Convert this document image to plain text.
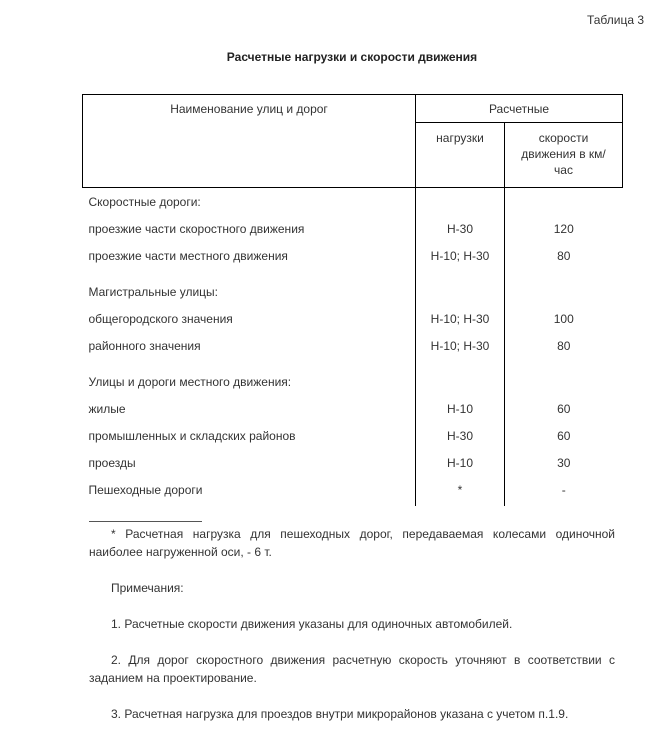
Таблица 3
Расчетные нагрузки и скорости движения
Наименование улиц и дорог	Расчетные	
	нагрузки	скорости движения в км/час

Скоростные дороги:		
проезжие части скоростного движения	Н-30	120
проезжие части местного движения	Н-10; Н-30	80
Магистральные улицы:		
общегородского значения	Н-10; Н-30	100
районного значения	Н-10; Н-30	80
Улицы и дороги местного движения:		
жилые	Н-10	60
промышленных и складских районов	Н-30	60
проезды	Н-10	30
Пешеходные дороги	*	-
* Расчетная нагрузка для пешеходных дорог, передаваемая колесами одиночной наиболее нагруженной оси, - 6 т.
Примечания:
1. Расчетные скорости движения указаны для одиночных автомобилей.
2. Для дорог скоростного движения расчетную скорость уточняют в соответствии с заданием на проектирование.
3. Расчетная нагрузка для проездов внутри микрорайонов указана с учетом п.1.9.
